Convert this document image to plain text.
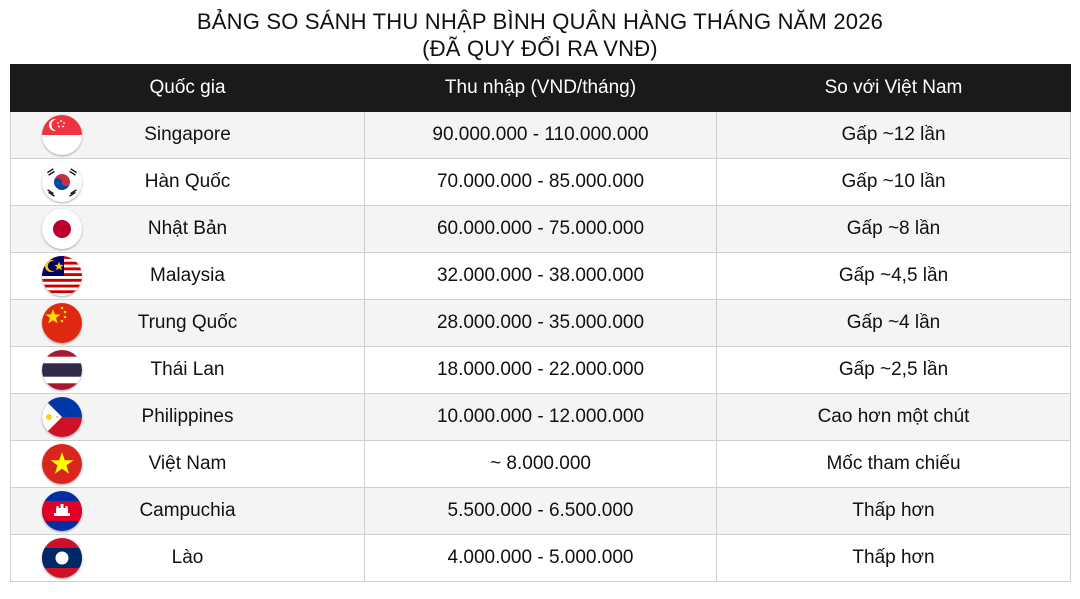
BẢNG SO SÁNH THU NHẬP BÌNH QUÂN HÀNG THÁNG NĂM 2026
(ĐÃ QUY ĐỔI RA VNĐ)
Quốc gia	Thu nhập (VND/tháng)	So với Việt Nam

Singapore	90.000.000 - 110.000.000	Gấp ~12 lần

Hàn Quốc	70.000.000 - 85.000.000	Gấp ~10 lần

Nhật Bản	60.000.000 - 75.000.000	Gấp ~8 lần

Malaysia	32.000.000 - 38.000.000	Gấp ~4,5 lần

Trung Quốc	28.000.000 - 35.000.000	Gấp ~4 lần

Thái Lan	18.000.000 - 22.000.000	Gấp ~2,5 lần

Philippines	10.000.000 - 12.000.000	Cao hơn một chút

Việt Nam	~ 8.000.000	Mốc tham chiếu

Campuchia	5.500.000 - 6.500.000	Thấp hơn

Lào	4.000.000 - 5.000.000	Thấp hơn
